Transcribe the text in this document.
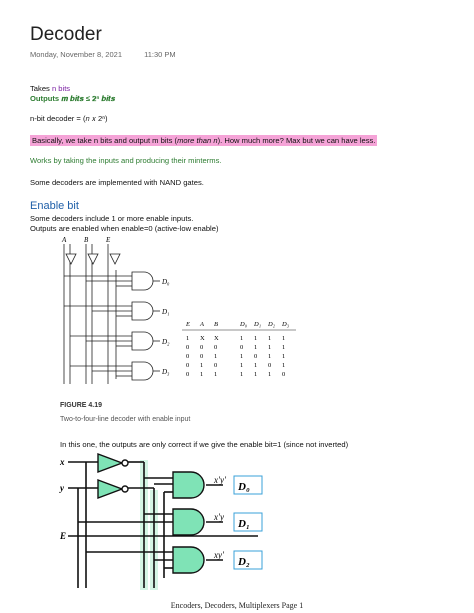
Decoder
Monday, November 8, 2021	11:30 PM
Takes n bits
Outputs 𝒎 𝒃𝒊𝒕𝒔 ≤ 𝟐ⁿ 𝒃𝒊𝒕𝒔
n-bit decoder = (𝑛 𝑥 2ⁿ)
Basically, we take n bits and output m bits (more than n). How much more? Max but we can have less.
Works by taking the inputs and producing their minterms.
Some decoders are implemented with NAND gates.
Enable bit
Some decoders include 1 or more enable inputs.
Outputs are enabled when enable=0 (active-low enable)
A	B	E
D₀
D₁
D₂
D₃
E A B	D₀ D₁ D₂ D₃
1 X X	1 1 1 1
0 0 0	0 1 1 1
0 0 1	1 0 1 1
0 1 0	1 1 0 1
0 1 1	1 1 1 0
FIGURE 4.19
Two-to-four-line decoder with enable input
In this one, the outputs are only correct if we give the enable bit=1 (since not inverted)
x
y
E
x′y′
x′y
xy′
D₀
D₁
D₂
Encoders, Decoders, Multiplexers Page 1
